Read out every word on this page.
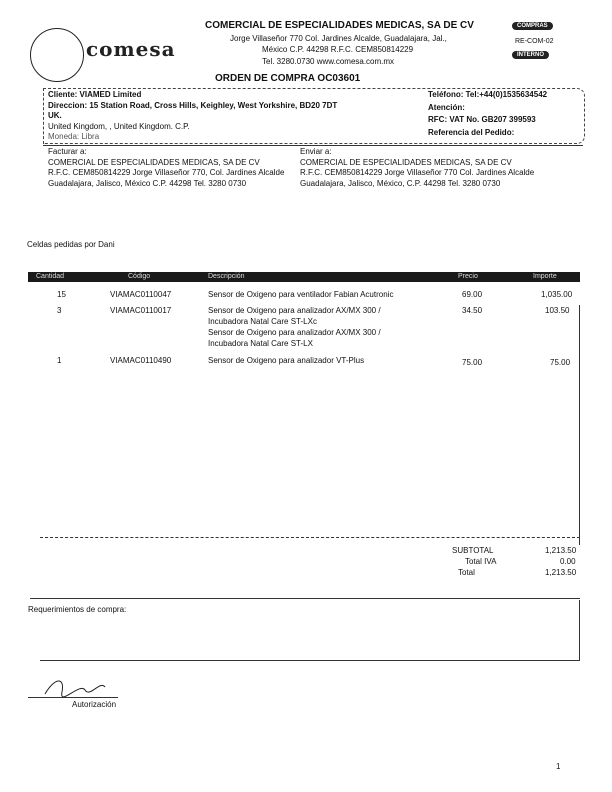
comesa
COMERCIAL DE ESPECIALIDADES MEDICAS, SA DE CV
Jorge Villaseñor 770 Col. Jardines Alcalde, Guadalajara, Jal.,
México C.P. 44298 R.F.C. CEM850814229
Tel. 3280.0730 www.comesa.com.mx
COMPRAS
RE-COM-02
INTERNO
ORDEN DE COMPRA OC03601
Cliente: VIAMED Limited
Direccion: 15 Station Road, Cross Hills, Keighley, West Yorkshire, BD20 7DT
UK.
United Kingdom, , United Kingdom. C.P.
Moneda: Libra
Teléfono: Tel:+44(0)1535634542
Atención:
RFC: VAT No. GB207 399593
Referencia del Pedido:
Facturar a:
COMERCIAL DE ESPECIALIDADES MEDICAS, SA DE CV
R.F.C. CEM850814229 Jorge Villaseñor 770, Col. Jardines Alcalde
Guadalajara, Jalisco, México C.P. 44298 Tel. 3280 0730
Enviar a:
COMERCIAL DE ESPECIALIDADES MEDICAS, SA DE CV
R.F.C. CEM850814229 Jorge Villaseñor 770 Col. Jardines Alcalde
Guadalajara, Jalisco, México, C.P. 44298 Tel. 3280 0730
Celdas pedidas por Dani
Cantidad	Código	Descripción	Precio	Importe
15	VIAMAC0110047	Sensor de Oxigeno para ventilador Fabian Acutronic	69.00	1,035.00
3	VIAMAC0110017	Sensor de Oxigeno para analizador AX/MX 300 /
Incubadora Natal Care ST-LXc
Sensor de Oxigeno para analizador AX/MX 300 /
Incubadora Natal Care ST-LX
34.50	103.50
1	VIAMAC0110490	Sensor de Oxigeno para analizador VT-Plus	75.00	75.00
SUBTOTAL	1,213.50
Total IVA	0.00
Total	1,213.50
Requerimientos de compra:
Autorización
1
